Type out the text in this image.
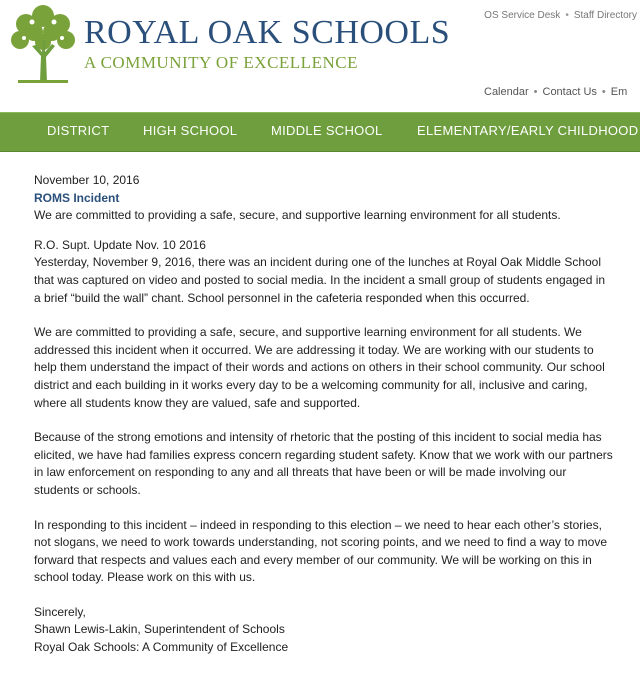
ROYAL OAK SCHOOLS
A COMMUNITY OF EXCELLENCE
OS Service Desk • Staff Directory
Calendar • Contact Us • Em
DISTRICT	HIGH SCHOOL	MIDDLE SCHOOL	ELEMENTARY/EARLY CHILDHOOD

November 10, 2016

ROMS Incident

We are committed to providing a safe, secure, and supportive learning environment for all students.

R.O. Supt. Update Nov. 10 2016

Yesterday, November 9, 2016, there was an incident during one of the lunches at Royal Oak Middle School that was captured on video and posted to social media. In the incident a small group of students engaged in a brief “build the wall” chant. School personnel in the cafeteria responded when this occurred.

We are committed to providing a safe, secure, and supportive learning environment for all students. We addressed this incident when it occurred. We are addressing it today. We are working with our students to help them understand the impact of their words and actions on others in their school community. Our school district and each building in it works every day to be a welcoming community for all, inclusive and caring, where all students know they are valued, safe and supported.

Because of the strong emotions and intensity of rhetoric that the posting of this incident to social media has elicited, we have had families express concern regarding student safety. Know that we work with our partners in law enforcement on responding to any and all threats that have been or will be made involving our students or schools.

In responding to this incident – indeed in responding to this election – we need to hear each other’s stories, not slogans, we need to work towards understanding, not scoring points, and we need to find a way to move forward that respects and values each and every member of our community. We will be working on this in school today. Please work on this with us.

Sincerely,

Shawn Lewis-Lakin, Superintendent of Schools

Royal Oak Schools: A Community of Excellence
